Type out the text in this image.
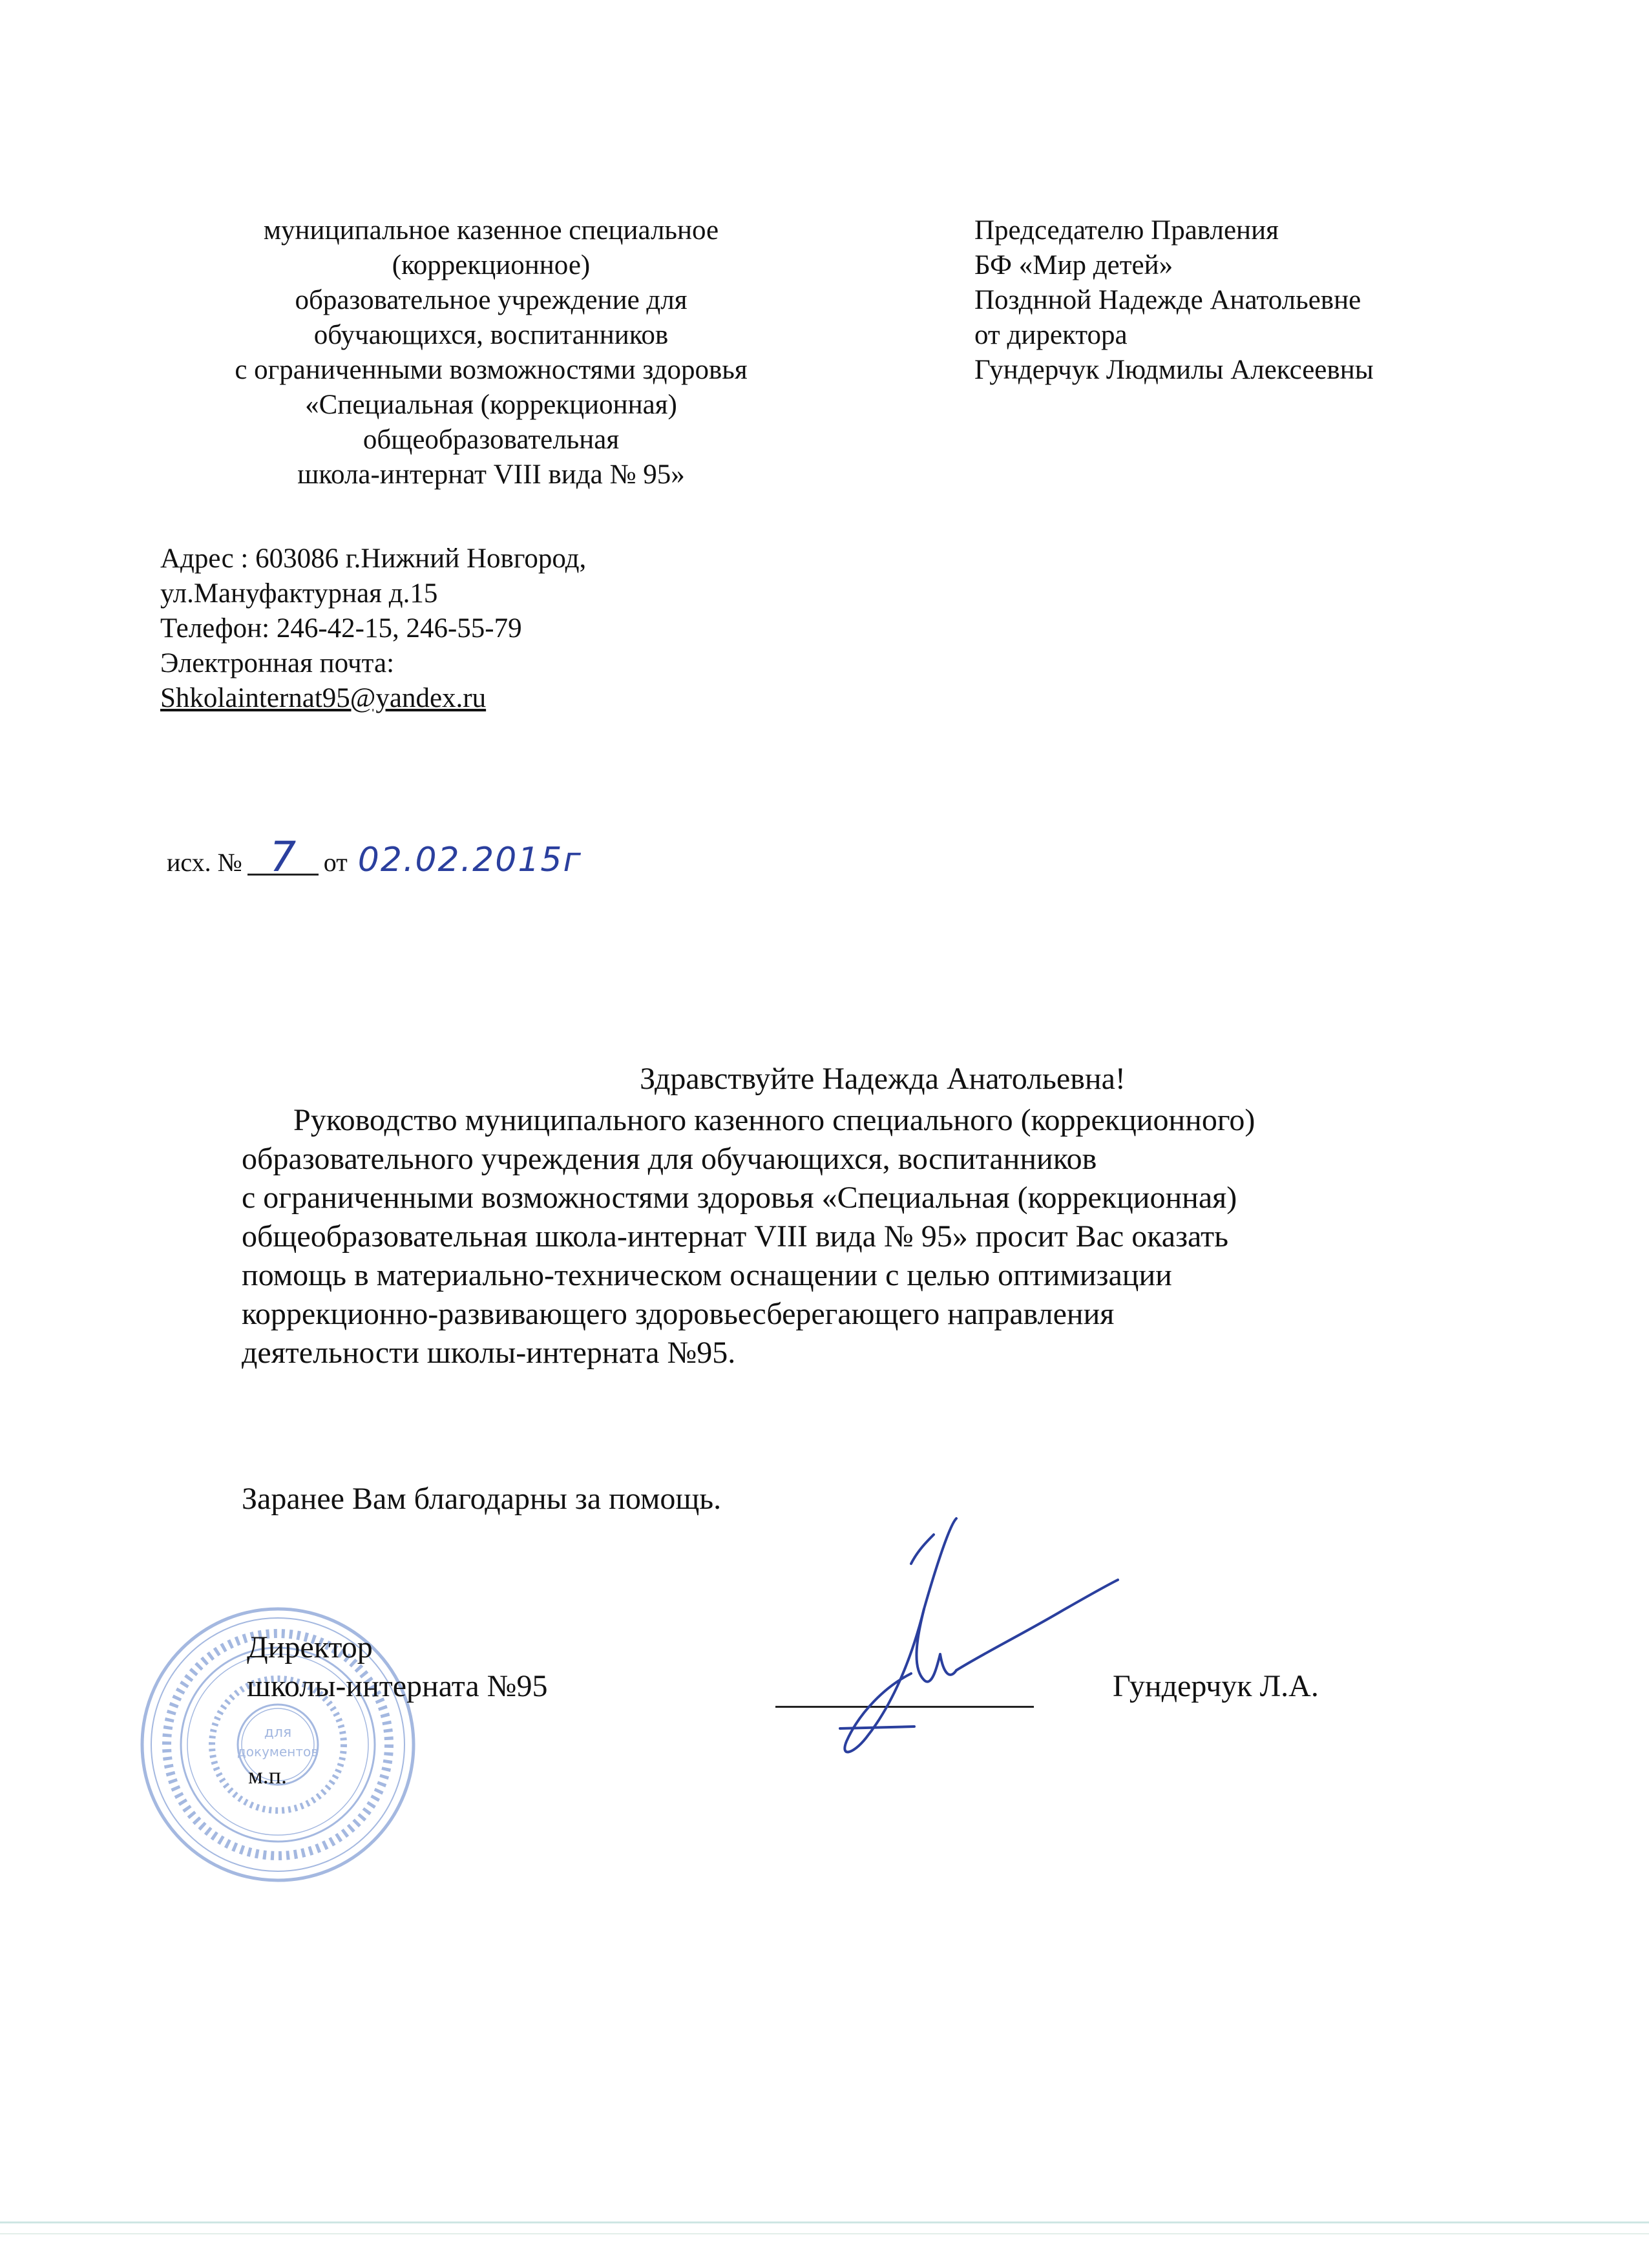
муниципальное казенное специальное
(коррекционное)
образовательное учреждение для
обучающихся, воспитанников
с ограниченными возможностями здоровья
«Специальная (коррекционная)
общеобразовательная
школа-интернат VIII вида № 95»
Председателю Правления
БФ «Мир детей»
Позднной Надежде Анатольевне
от директора
Гундерчук Людмилы Алексеевны
Адрес : 603086 г.Нижний Новгород,
ул.Мануфактурная д.15
Телефон: 246-42-15, 246-55-79
Электронная почта:
Shkolainternat95@yandex.ru
исх. № 7 от 02.02.2015г
Здравствуйте Надежда Анатольевна!
Руководство муниципального казенного специального (коррекционного)
образовательного учреждения для обучающихся, воспитанников
с ограниченными возможностями здоровья «Специальная (коррекционная)
общеобразовательная школа-интернат VIII вида № 95» просит Вас оказать
помощь в материально-техническом оснащении с целью оптимизации
коррекционно-развивающего здоровьесберегающего направления
деятельности школы-интерната №95.
Заранее Вам благодарны за помощь.
для
документов
Директор
школы-интерната №95	Гундерчук Л.А.
м.п.
